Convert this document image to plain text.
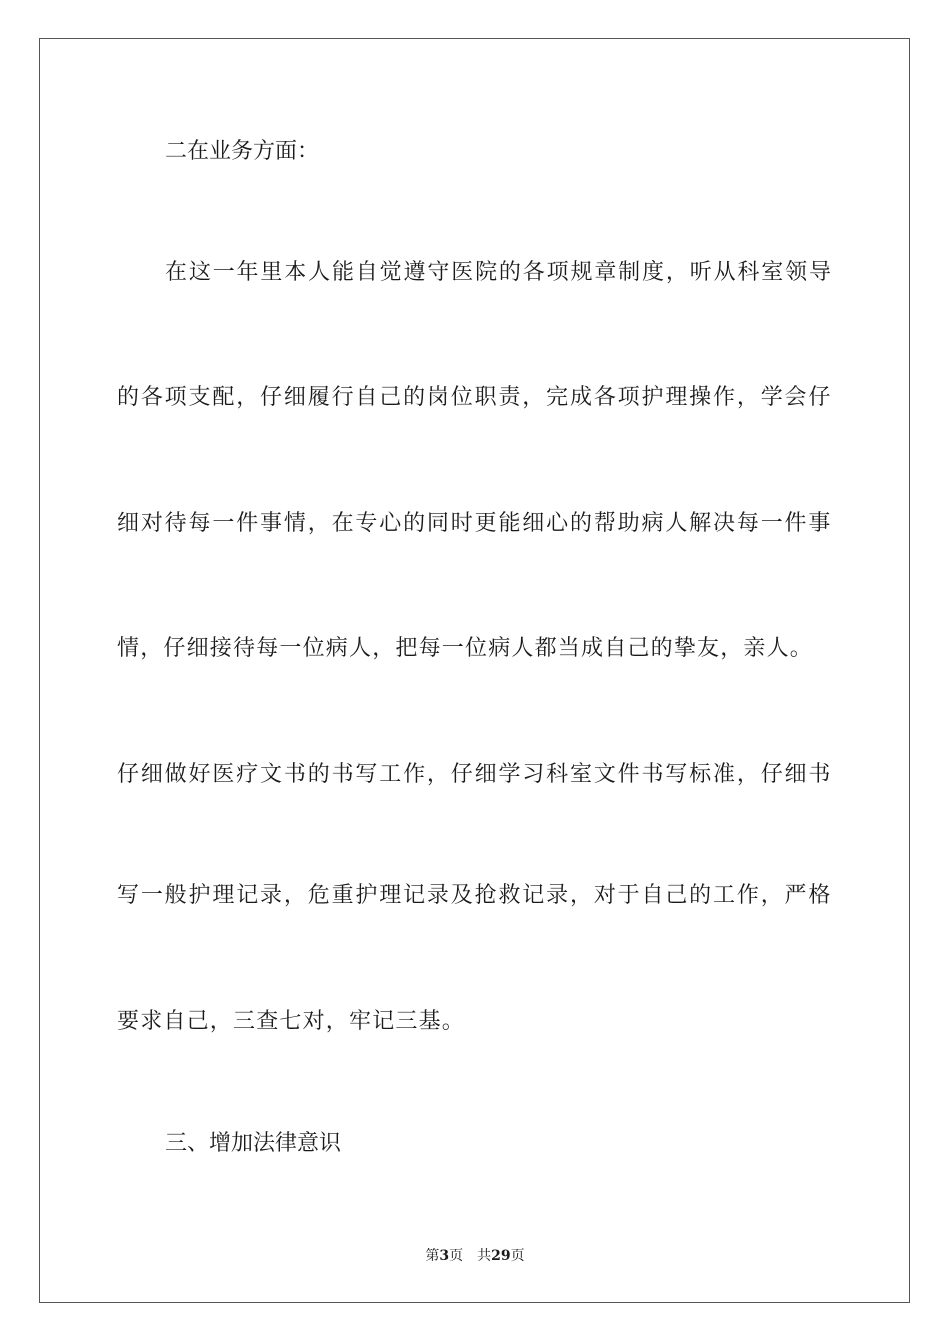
二在业务方面：

在这一年里本人能自觉遵守医院的各项规章制度，听从科室领导

的各项支配，仔细履行自己的岗位职责，完成各项护理操作，学会仔

细对待每一件事情，在专心的同时更能细心的帮助病人解决每一件事

情，仔细接待每一位病人，把每一位病人都当成自己的挚友，亲人。

仔细做好医疗文书的书写工作，仔细学习科室文件书写标准，仔细书

写一般护理记录，危重护理记录及抢救记录，对于自己的工作，严格

要求自己，三查七对，牢记三基。

三、增加法律意识

第3页 共29页
